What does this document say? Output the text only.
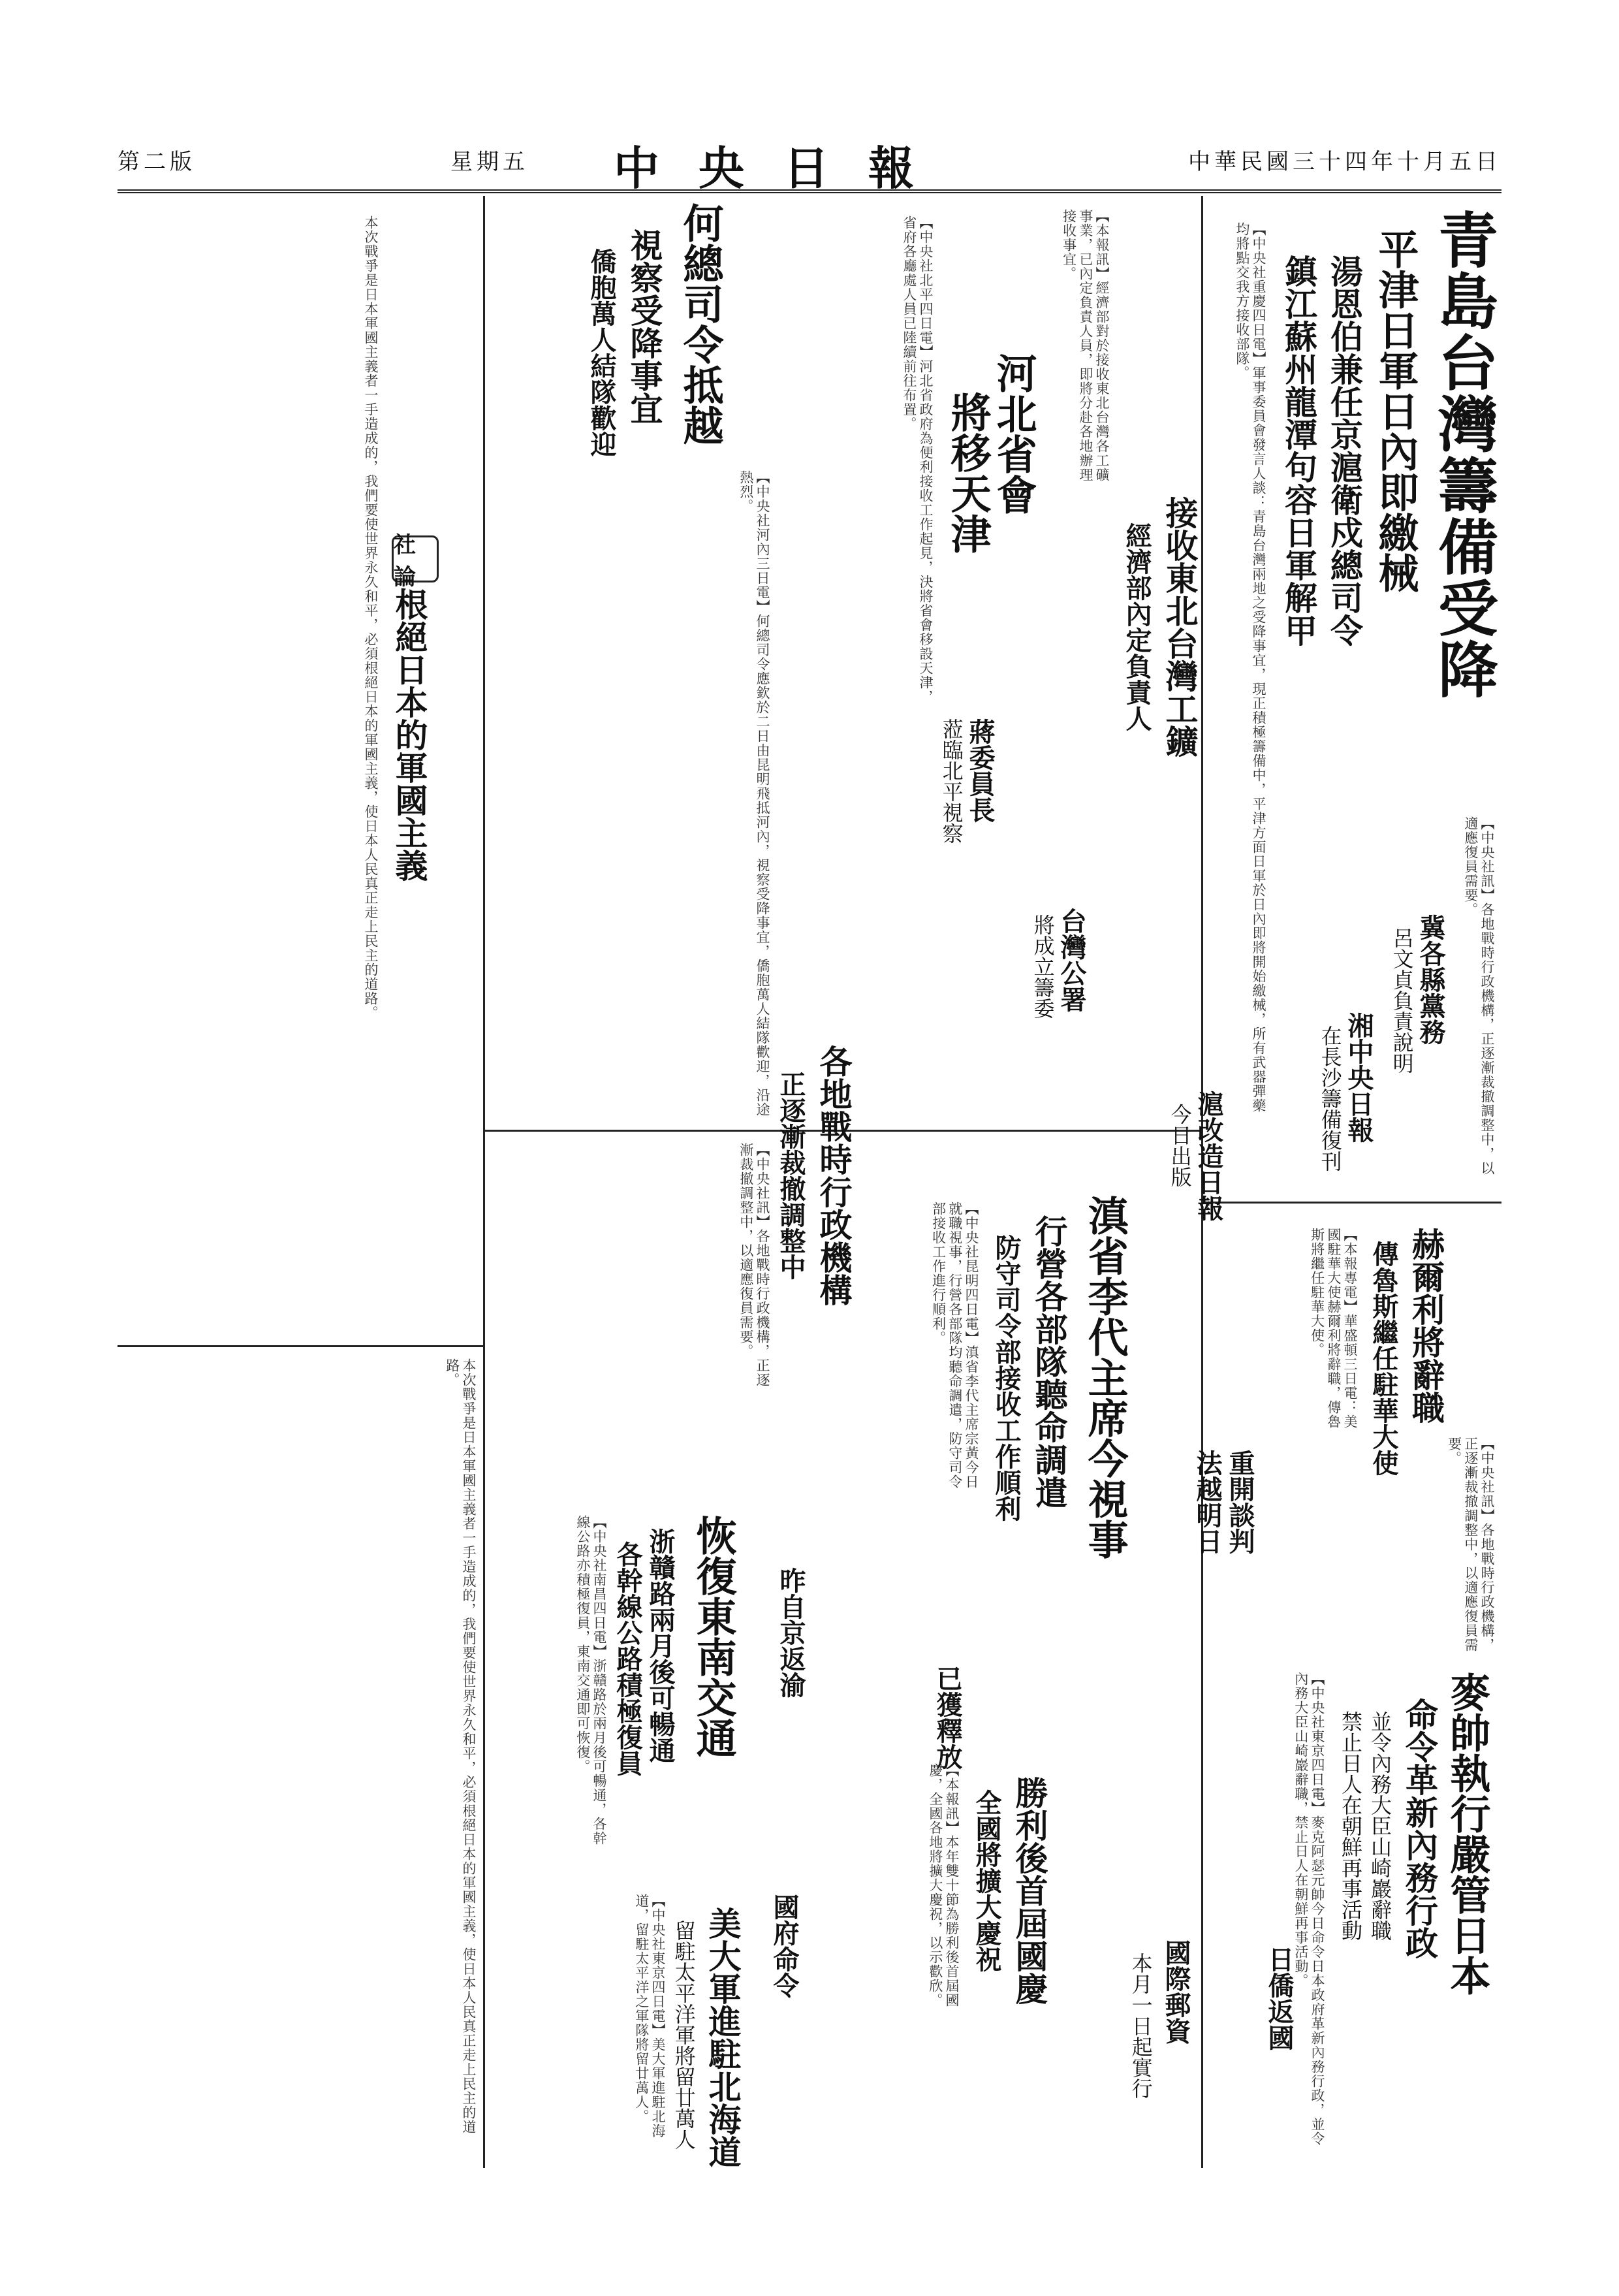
中華民國三十四年十月五日
中央日報
星期五
第二版
青島台灣籌備受降
平津日軍日內即繳械
湯恩伯兼任京滬衛戍總司令
鎮江蘇州龍潭句容日軍解甲
【中央社重慶四日電】軍事委員會發言人談：青島台灣兩地之受降事宜，現正積極籌備中，平津方面日軍於日內即將開始繳械，所有武器彈藥均將點交我方接收部隊。
【中央社訊】各地戰時行政機構，正逐漸裁撤調整中，以適應復員需要。
赫爾利將辭職
傳魯斯繼任駐華大使
【本報專電】華盛頓三日電：美國駐華大使赫爾利將辭職，傳魯斯將繼任駐華大使。
法越明日 重開談判
麥帥執行嚴管日本
命令革新內務行政
並令內務大臣山崎巖辭職
禁止日人在朝鮮再事活動
【中央社東京四日電】麥克阿瑟元帥今日命令日本政府革新內務行政，並令內務大臣山崎巖辭職，禁止日人在朝鮮再事活動。
【中央社訊】各地戰時行政機構，正逐漸裁撤調整中，以適應復員需要。
日僑返國
接收東北台灣工鑛
經濟部內定負責人
【本報訊】經濟部對於接收東北台灣各工礦事業，已內定負責人員，即將分赴各地辦理接收事宜。
冀各縣黨務
呂文貞負責說明
湘中央日報
在長沙籌備復刊
滬改造日報
今日出版
蔣委員長
蒞臨北平視察
台灣公署
將成立籌委
各地戰時行政機構
正逐漸裁撤調整中
滇省李代主席今視事
行營各部隊聽命調遣
防守司令部接收工作順利
【中央社訊】各地戰時行政機構，正逐漸裁撤調整中，以適應復員需要。	【中央社昆明四日電】滇省李代主席宗黃今日就職視事，行營各部隊均聽命調遣，防守司令部接收工作進行順利。
恢復東南交通
浙贛路兩月後可暢通
各幹線公路積極復員
【中央社南昌四日電】浙贛路於兩月後可暢通，各幹線公路亦積極復員，東南交通即可恢復。	昨自京返渝
勝利後首屆國慶
全國將擴大慶祝
【本報訊】本年雙十節為勝利後首屆國慶，全國各地將擴大慶祝，以示歡欣。
已獲釋放
國府命令
美大軍進駐北海道
留駐太平洋軍將留廿萬人
【中央社東京四日電】美大軍進駐北海道，留駐太平洋之軍隊將留廿萬人。	國際郵資
本月一日起實行
河北省會
將移天津
【中央社北平四日電】河北省政府為便利接收工作起見，決將省會移設天津，省府各廳處人員已陸續前往布置。
何總司令抵越
視察受降事宜
僑胞萬人結隊歡迎
【中央社河內三日電】何總司令應欽於二日由昆明飛抵河內，視察受降事宜，僑胞萬人結隊歡迎，沿途熱烈。
社論
根絕日本的軍國主義
本次戰爭是日本軍國主義者一手造成的，我們要使世界永久和平，必須根絕日本的軍國主義，使日本人民真正走上民主的道路。
本次戰爭是日本軍國主義者一手造成的，我們要使世界永久和平，必須根絕日本的軍國主義，使日本人民真正走上民主的道路。
